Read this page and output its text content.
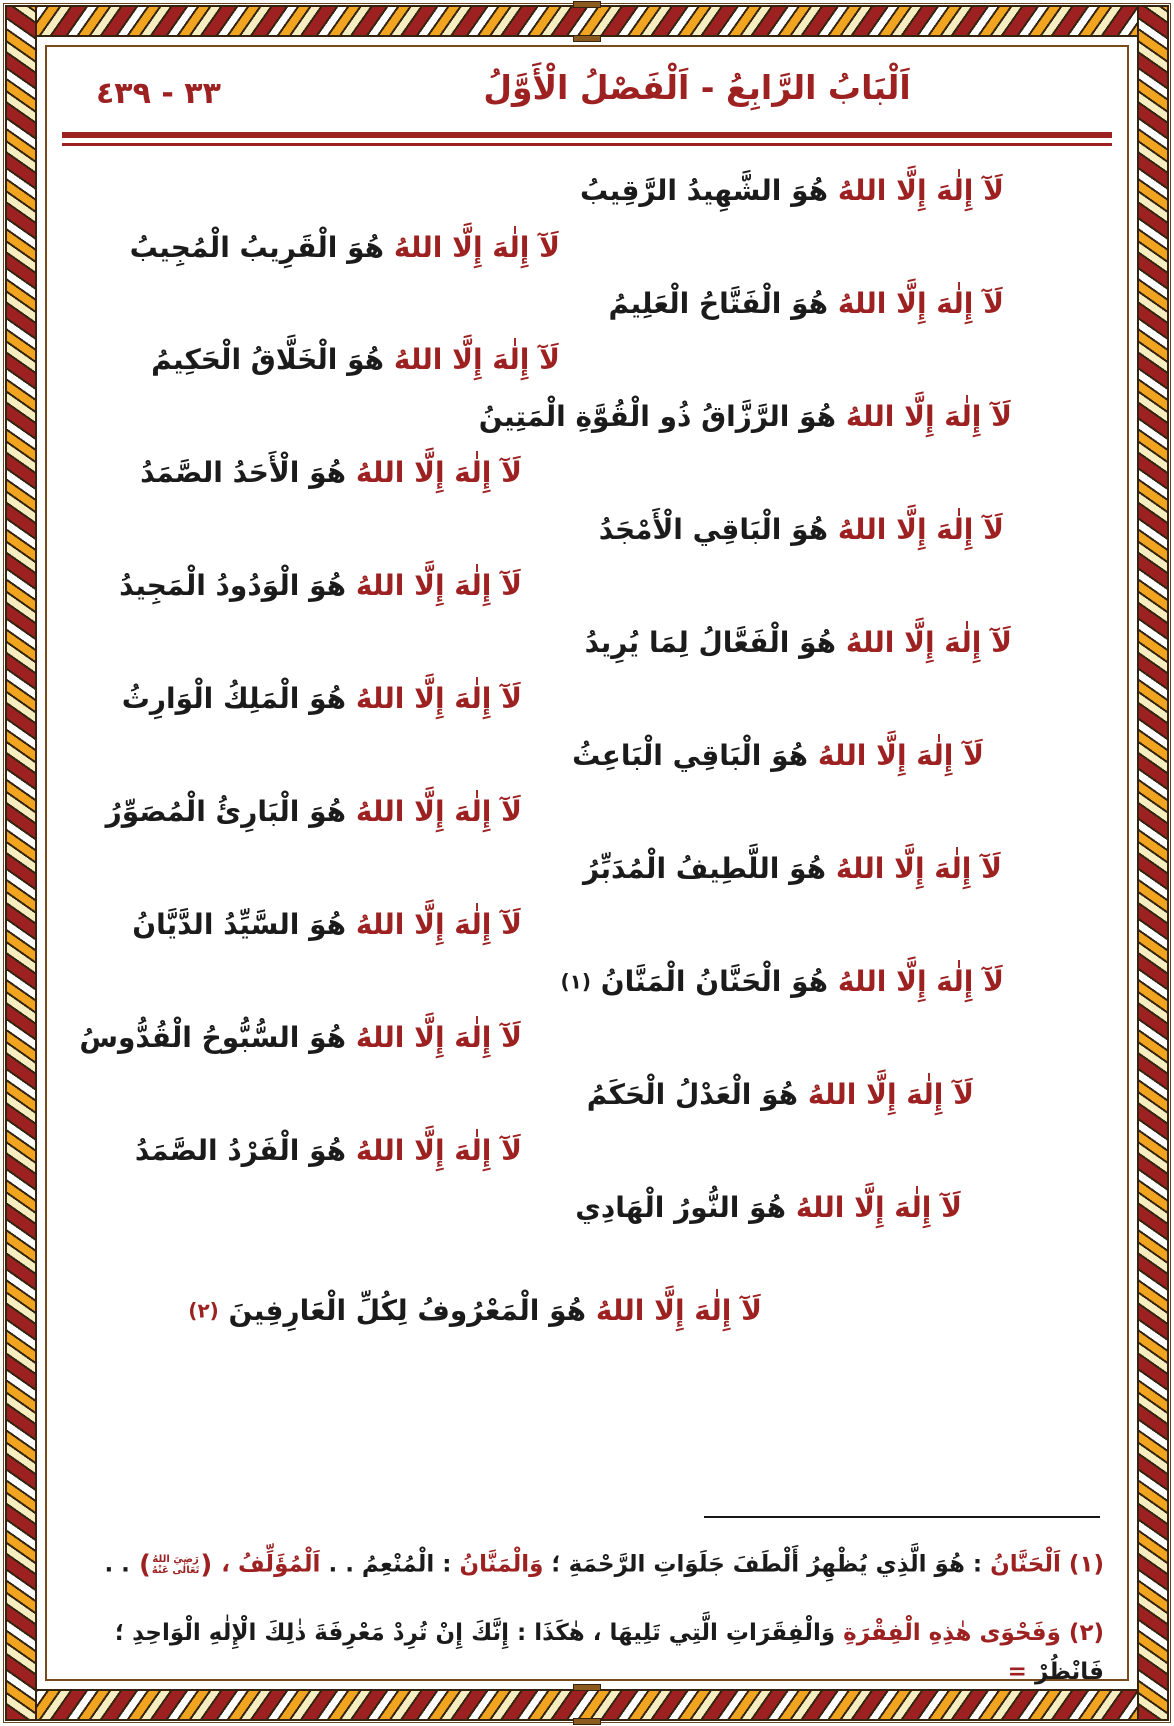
٣٣ - ٤٣٩	اَلْبَابُ الرَّابِعُ - اَلْفَصْلُ الْأَوَّلُ
لَآ إِلٰهَ إِلَّا اللهُ هُوَ الشَّهِيدُ الرَّقِيبُ
لَآ إِلٰهَ إِلَّا اللهُ هُوَ الْقَرِيبُ الْمُجِيبُ
لَآ إِلٰهَ إِلَّا اللهُ هُوَ الْفَتَّاحُ الْعَلِيمُ
لَآ إِلٰهَ إِلَّا اللهُ هُوَ الْخَلَّاقُ الْحَكِيمُ
لَآ إِلٰهَ إِلَّا اللهُ هُوَ الرَّزَّاقُ ذُو الْقُوَّةِ الْمَتِينُ
لَآ إِلٰهَ إِلَّا اللهُ هُوَ الْأَحَدُ الصَّمَدُ
لَآ إِلٰهَ إِلَّا اللهُ هُوَ الْبَاقِي الْأَمْجَدُ
لَآ إِلٰهَ إِلَّا اللهُ هُوَ الْوَدُودُ الْمَجِيدُ
لَآ إِلٰهَ إِلَّا اللهُ هُوَ الْفَعَّالُ لِمَا يُرِيدُ
لَآ إِلٰهَ إِلَّا اللهُ هُوَ الْمَلِكُ الْوَارِثُ
لَآ إِلٰهَ إِلَّا اللهُ هُوَ الْبَاقِي الْبَاعِثُ
لَآ إِلٰهَ إِلَّا اللهُ هُوَ الْبَارِئُ الْمُصَوِّرُ
لَآ إِلٰهَ إِلَّا اللهُ هُوَ اللَّطِيفُ الْمُدَبِّرُ
لَآ إِلٰهَ إِلَّا اللهُ هُوَ السَّيِّدُ الدَّيَّانُ
لَآ إِلٰهَ إِلَّا اللهُ هُوَ الْحَنَّانُ الْمَنَّانُ (١)
لَآ إِلٰهَ إِلَّا اللهُ هُوَ السُّبُّوحُ الْقُدُّوسُ
لَآ إِلٰهَ إِلَّا اللهُ هُوَ الْعَدْلُ الْحَكَمُ
لَآ إِلٰهَ إِلَّا اللهُ هُوَ الْفَرْدُ الصَّمَدُ
لَآ إِلٰهَ إِلَّا اللهُ هُوَ النُّورُ الْهَادِي
لَآ إِلٰهَ إِلَّا اللهُ هُوَ الْمَعْرُوفُ لِكُلِّ الْعَارِفِينَ (٢)
(١) اَلْحَنَّانُ : هُوَ الَّذِي يُظْهِرُ أَلْطَفَ جَلَوَاتِ الرَّحْمَةِ ؛ وَالْمَنَّانُ : الْمُنْعِمُ . . اَلْمُؤَلِّفُ ، (
رَضِيَ اللهُ
تَعَالٰى عَنْهُ
) . .
(٢) وَفَحْوَى هٰذِهِ الْفِقْرَةِ وَالْفِقَرَاتِ الَّتِي تَلِيهَا ، هٰكَذَا : إِنَّكَ إِنْ تُرِدْ مَعْرِفَةَ ذٰلِكَ الْإِلٰهِ الْوَاحِدِ ؛ فَانْظُرْ =
